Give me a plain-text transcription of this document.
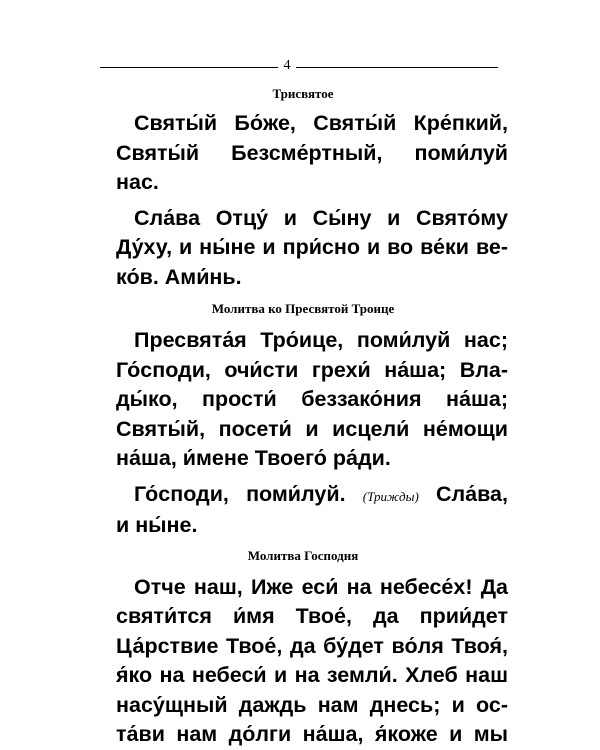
4
Трисвятое
Святы́й Бо́же, Святы́й Кре́пкий,
Святы́й Безсме́ртный, поми́луй
нас.
Сла́ва Отцу́ и Сы́ну и Свято́му
Ду́ху, и ны́не и при́сно и во ве́ки ве-
ко́в. Ами́нь.
Молитва ко Пресвятой Троице
Пресвята́я Тро́ице, поми́луй нас;
Го́споди, очи́сти грехи́ на́ша; Вла-
ды́ко, прости́ беззако́ния на́ша;
Святы́й, посети́ и исцели́ не́мощи
на́ша, и́мене Твоего́ ра́ди.
Го́споди, поми́луй. (Трижды) Сла́ва,
и ны́не.
Молитва Господня
Отче наш, Иже еси́ на небесе́х! Да
святи́тся и́мя Твое́, да прии́дет
Ца́рствие Твое́, да бу́дет во́ля Твоя́,
я́ко на небеси́ и на земли́. Хлеб наш
насу́щный даждь нам днесь; и ос-
та́ви нам до́лги на́ша, я́коже и мы
